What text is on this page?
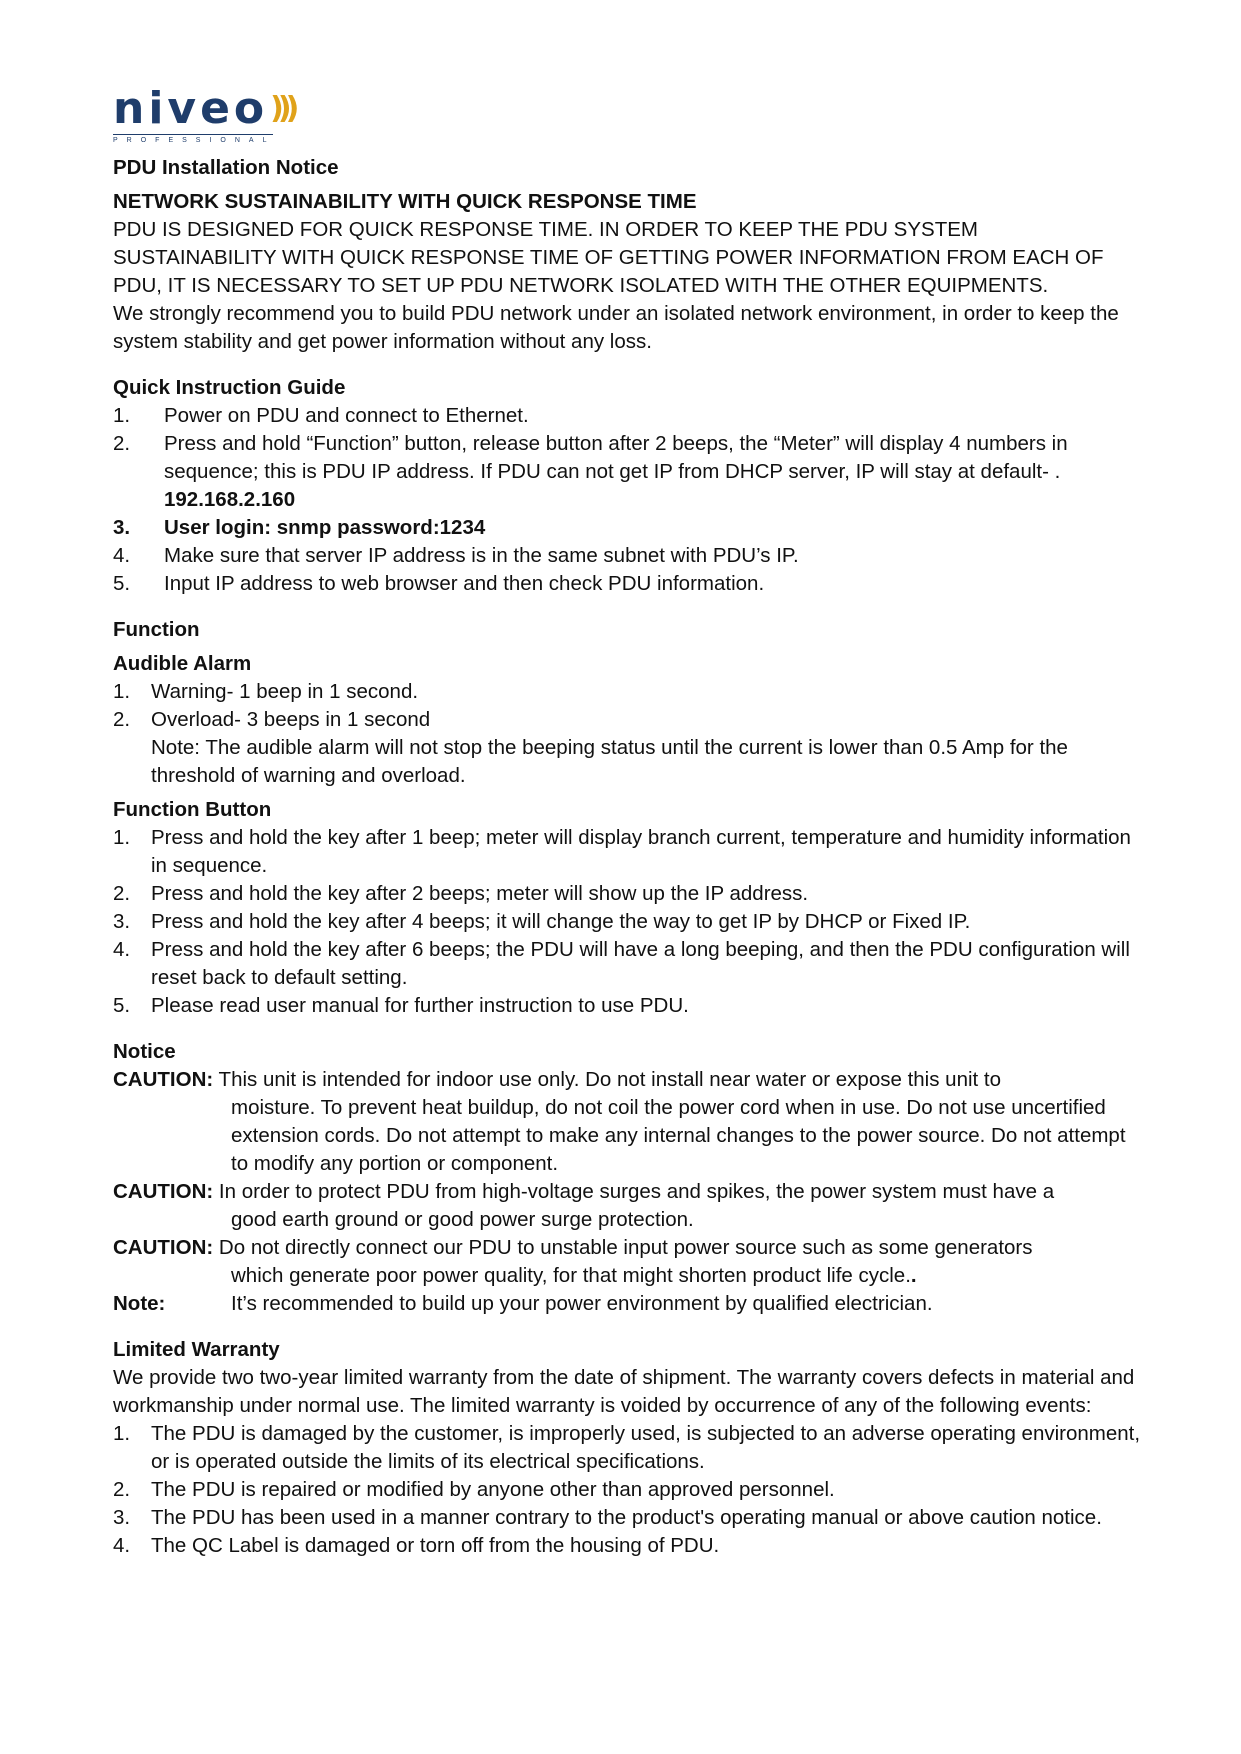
niveo )))
PROFESSIONAL

PDU Installation Notice

NETWORK SUSTAINABILITY WITH QUICK RESPONSE TIME

PDU IS DESIGNED FOR QUICK RESPONSE TIME. IN ORDER TO KEEP THE PDU SYSTEM SUSTAINABILITY WITH QUICK RESPONSE TIME OF GETTING POWER INFORMATION FROM EACH OF PDU, IT IS NECESSARY TO SET UP PDU NETWORK ISOLATED WITH THE OTHER EQUIPMENTS.

We strongly recommend you to build PDU network under an isolated network environment, in order to keep the system stability and get power information without any loss.

Quick Instruction Guide

1.	Power on PDU and connect to Ethernet.
2.	Press and hold “Function” button, release button after 2 beeps, the “Meter” will display 4 numbers in sequence; this is PDU IP address. If PDU can not get IP from DHCP server, IP will stay at default- .
192.168.2.160
3.	User login: snmp password:1234
4.	Make sure that server IP address is in the same subnet with PDU’s IP.
5.	Input IP address to web browser and then check PDU information.

Function

Audible Alarm

1.	Warning- 1 beep in 1 second.
2.	Overload- 3 beeps in 1 second
Note: The audible alarm will not stop the beeping status until the current is lower than 0.5 Amp for the threshold of warning and overload.

Function Button

1.	Press and hold the key after 1 beep; meter will display branch current, temperature and humidity information in sequence.
2.	Press and hold the key after 2 beeps; meter will show up the IP address.
3.	Press and hold the key after 4 beeps; it will change the way to get IP by DHCP or Fixed IP.
4.	Press and hold the key after 6 beeps; the PDU will have a long beeping, and then the PDU configuration will reset back to default setting.
5.	Please read user manual for further instruction to use PDU.

Notice

CAUTION: This unit is intended for indoor use only. Do not install near water or expose this unit to
moisture. To prevent heat buildup, do not coil the power cord when in use. Do not use uncertified extension cords. Do not attempt to make any internal changes to the power source. Do not attempt to modify any portion or component.
CAUTION: In order to protect PDU from high-voltage surges and spikes, the power system must have a
good earth ground or good power surge protection.
CAUTION: Do not directly connect our PDU to unstable input power source such as some generators
which generate poor power quality, for that might shorten product life cycle..
Note:	It’s recommended to build up your power environment by qualified electrician.

Limited Warranty

We provide two two-year limited warranty from the date of shipment. The warranty covers defects in material and workmanship under normal use. The limited warranty is voided by occurrence of any of the following events:

1.	The PDU is damaged by the customer, is improperly used, is subjected to an adverse operating environment, or is operated outside the limits of its electrical specifications.
2.	The PDU is repaired or modified by anyone other than approved personnel.
3.	The PDU has been used in a manner contrary to the product's operating manual or above caution notice.
4.	The QC Label is damaged or torn off from the housing of PDU.
